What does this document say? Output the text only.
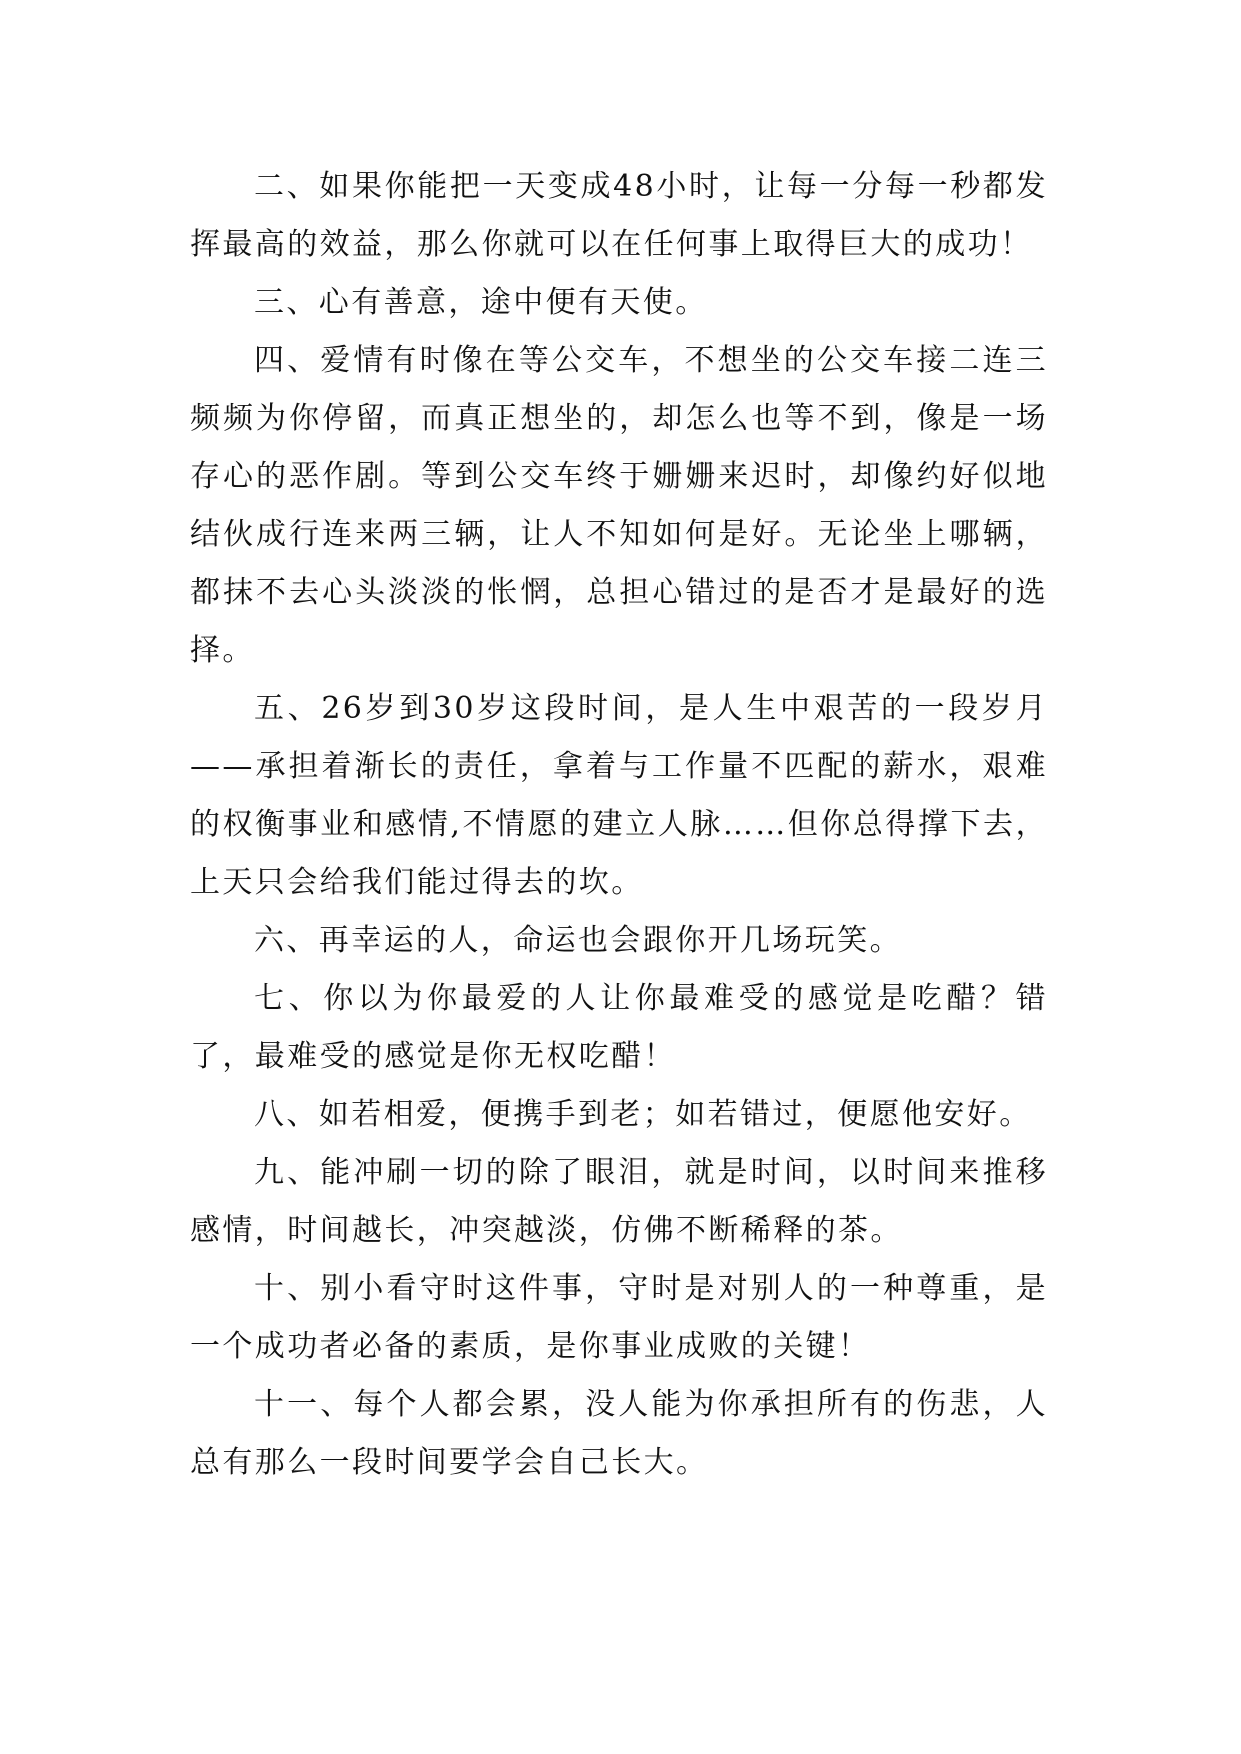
二、如果你能把一天变成48小时，让每一分每一秒都发挥最高的效益，那么你就可以在任何事上取得巨大的成功！

三、心有善意，途中便有天使。

四、爱情有时像在等公交车，不想坐的公交车接二连三频频为你停留，而真正想坐的，却怎么也等不到，像是一场存心的恶作剧。等到公交车终于姗姗来迟时，却像约好似地结伙成行连来两三辆，让人不知如何是好。无论坐上哪辆，都抹不去心头淡淡的怅惘，总担心错过的是否才是最好的选择。

五、26岁到30岁这段时间，是人生中艰苦的一段岁月——承担着渐长的责任，拿着与工作量不匹配的薪水，艰难的权衡事业和感情,不情愿的建立人脉……但你总得撑下去，上天只会给我们能过得去的坎。

六、再幸运的人，命运也会跟你开几场玩笑。

七、你以为你最爱的人让你最难受的感觉是吃醋？错了，最难受的感觉是你无权吃醋！

八、如若相爱，便携手到老；如若错过，便愿他安好。

九、能冲刷一切的除了眼泪，就是时间，以时间来推移感情，时间越长，冲突越淡，仿佛不断稀释的茶。

十、别小看守时这件事，守时是对别人的一种尊重，是一个成功者必备的素质，是你事业成败的关键！

十一、每个人都会累，没人能为你承担所有的伤悲，人总有那么一段时间要学会自己长大。
